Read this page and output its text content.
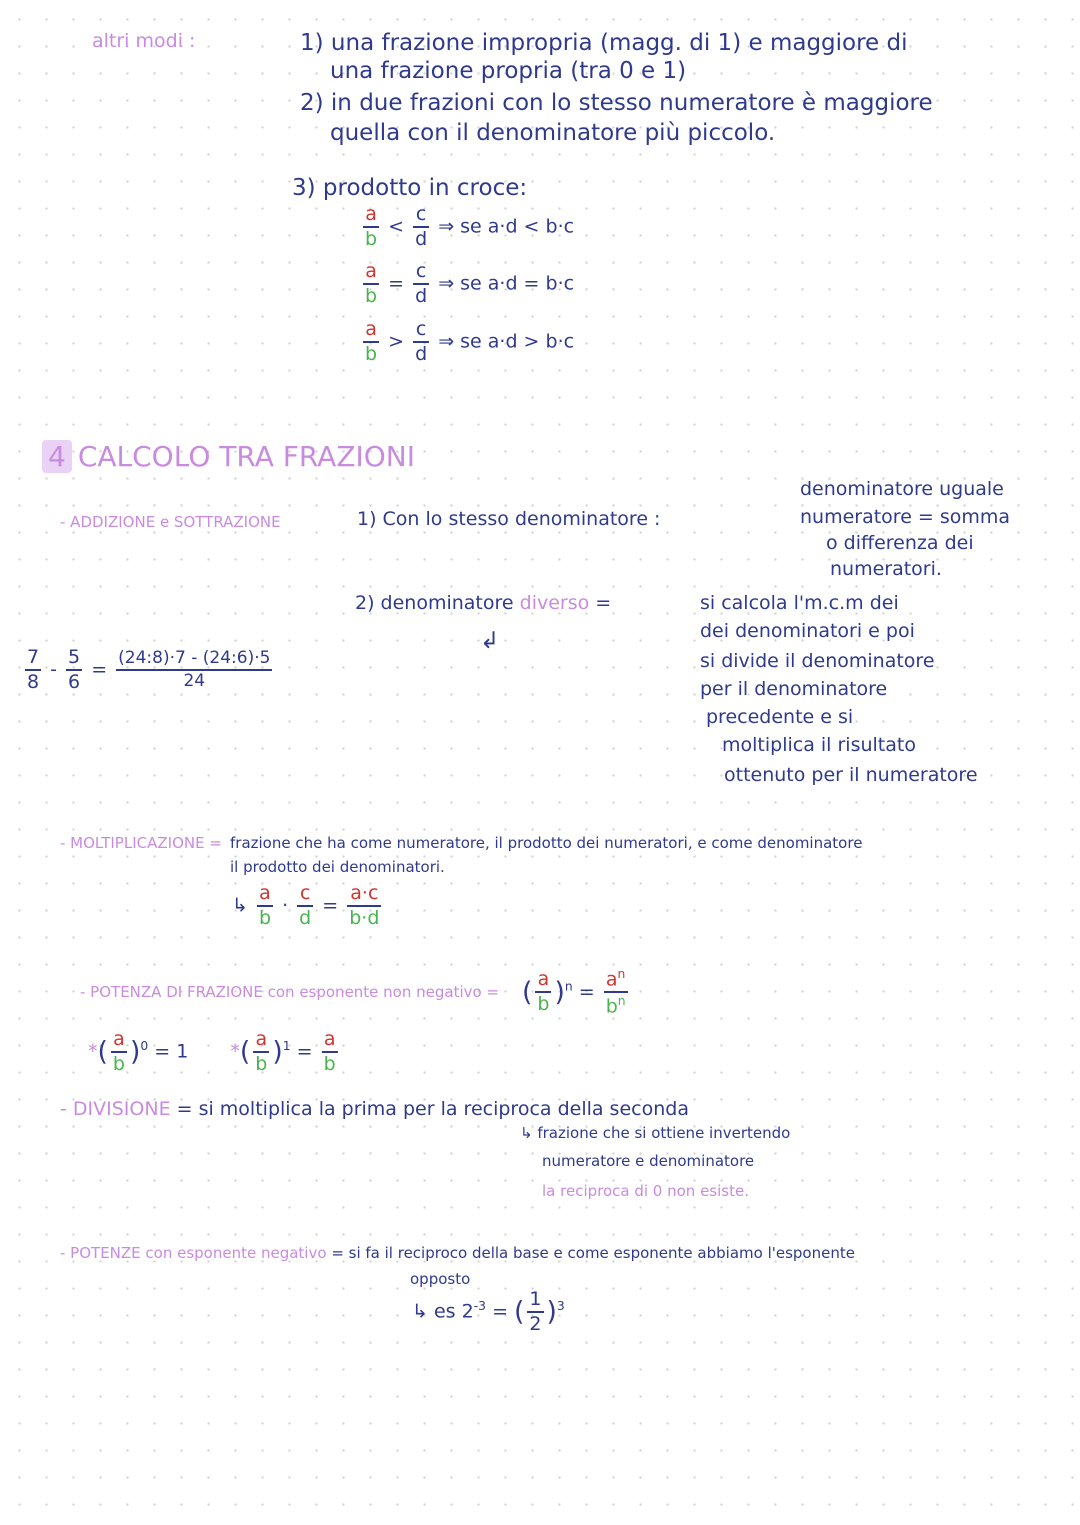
altri modi :	1) una frazione impropria (magg. di 1) e maggiore di
una frazione propria (tra 0 e 1)
2) in due frazioni con lo stesso numeratore è maggiore
quella con il denominatore più piccolo.
3) prodotto in croce:
$\frac{a}{b} < \frac{c}{d}$ ⇒ se a·d < b·c
$\frac{a}{b} = \frac{c}{d}$ ⇒ se a·d = b·c
$\frac{a}{b} > \frac{c}{d}$ ⇒ se a·d > b·c
4 CALCOLO TRA FRAZIONI
- ADDIZIONE e SOTTRAZIONE	1) Con lo stesso denominatore :
denominatore uguale
numeratore = somma
o differenza dei
numeratori.
2) denominatore diverso =
↲
si calcola l'm.c.m dei
dei denominatori e poi
si divide il denominatore
per il denominatore
precedente e si
moltiplica il risultato
ottenuto per il numeratore
$\frac{7}{8} - \frac{5}{6} = \frac{(24:8)\cdot 7 - (24:6)\cdot 5}{24}$
- MOLTIPLICAZIONE = frazione che ha come numeratore, il prodotto dei numeratori, e come denominatore
il prodotto dei denominatori.
↳ $\frac{a}{b} \cdot \frac{c}{d} = \frac{a\cdot c}{b\cdot d}$
- POTENZA DI FRAZIONE con esponente non negativo = ( $\frac{a}{b} )^n = \frac{a^n}{b^n}$
*( $\frac{a}{b} )^0 = 1$ *( $\frac{a}{b} )^1 = \frac{a}{b}$
- DIVISIONE = si moltiplica la prima per la reciproca della seconda
↳ frazione che si ottiene invertendo
numeratore e denominatore
la reciproca di 0 non esiste.
- POTENZE con esponente negativo = si fa il reciproco della base e come esponente abbiamo l'esponente
opposto
↳ es $2^{-3}$ = ( $\frac{1}{2} )^3$
